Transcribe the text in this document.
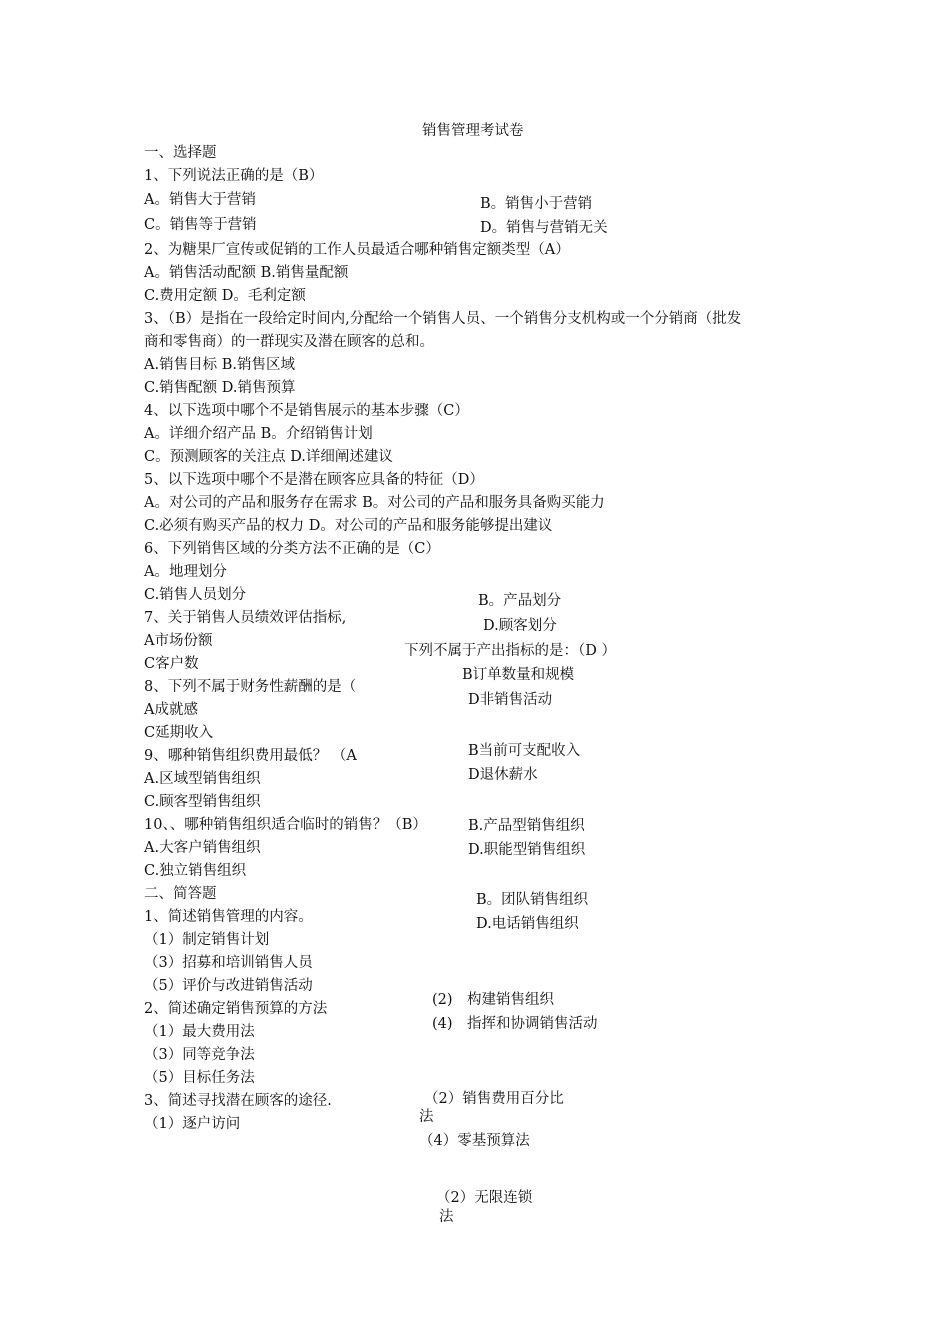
销售管理考试卷
一、选择题
1、下列说法正确的是（B）
A。销售大于营销	B。销售小于营销
C。销售等于营销	D。销售与营销无关
2、为糖果厂宣传或促销的工作人员最适合哪种销售定额类型（A）
A。销售活动配额 B.销售量配额
C.费用定额 D。毛利定额
3、（B）是指在一段给定时间内,分配给一个销售人员、一个销售分支机构或一个分销商（批发
商和零售商）的一群现实及潜在顾客的总和。
A.销售目标 B.销售区域
C.销售配额 D.销售预算
4、以下选项中哪个不是销售展示的基本步骤（C）
A。详细介绍产品 B。介绍销售计划
C。预测顾客的关注点 D.详细阐述建议
5、以下选项中哪个不是潜在顾客应具备的特征（D）
A。对公司的产品和服务存在需求 B。对公司的产品和服务具备购买能力
C.必须有购买产品的权力 D。对公司的产品和服务能够提出建议
6、下列销售区域的分类方法不正确的是（C）
A。地理划分
C.销售人员划分	B。产品划分
D.顾客划分
7、关于销售人员绩效评估指标,
A市场份额
下列不属于产出指标的是：（D ）
C客户数
B订单数量和规模
D非销售活动
8、下列不属于财务性薪酬的是（
A成就感
C延期收入
B当前可支配收入
D退休薪水
9、哪种销售组织费用最低？ （A
A.区域型销售组织
C.顾客型销售组织
B.产品型销售组织
D.职能型销售组织
10、、哪种销售组织适合临时的销售？（B）
A.大客户销售组织
C.独立销售组织
B。团队销售组织
D.电话销售组织
二、简答题
1、简述销售管理的内容。
（1）制定销售计划
（3）招募和培训销售人员
（5）评价与改进销售活动
(2)　构建销售组织
(4)　指挥和协调销售活动
2、简述确定销售预算的方法
（1）最大费用法
（3）同等竞争法
（5）目标任务法
（2）销售费用百分比
法
（4）零基预算法
3、简述寻找潜在顾客的途径.
（1）逐户访问
（2）无限连锁
法
